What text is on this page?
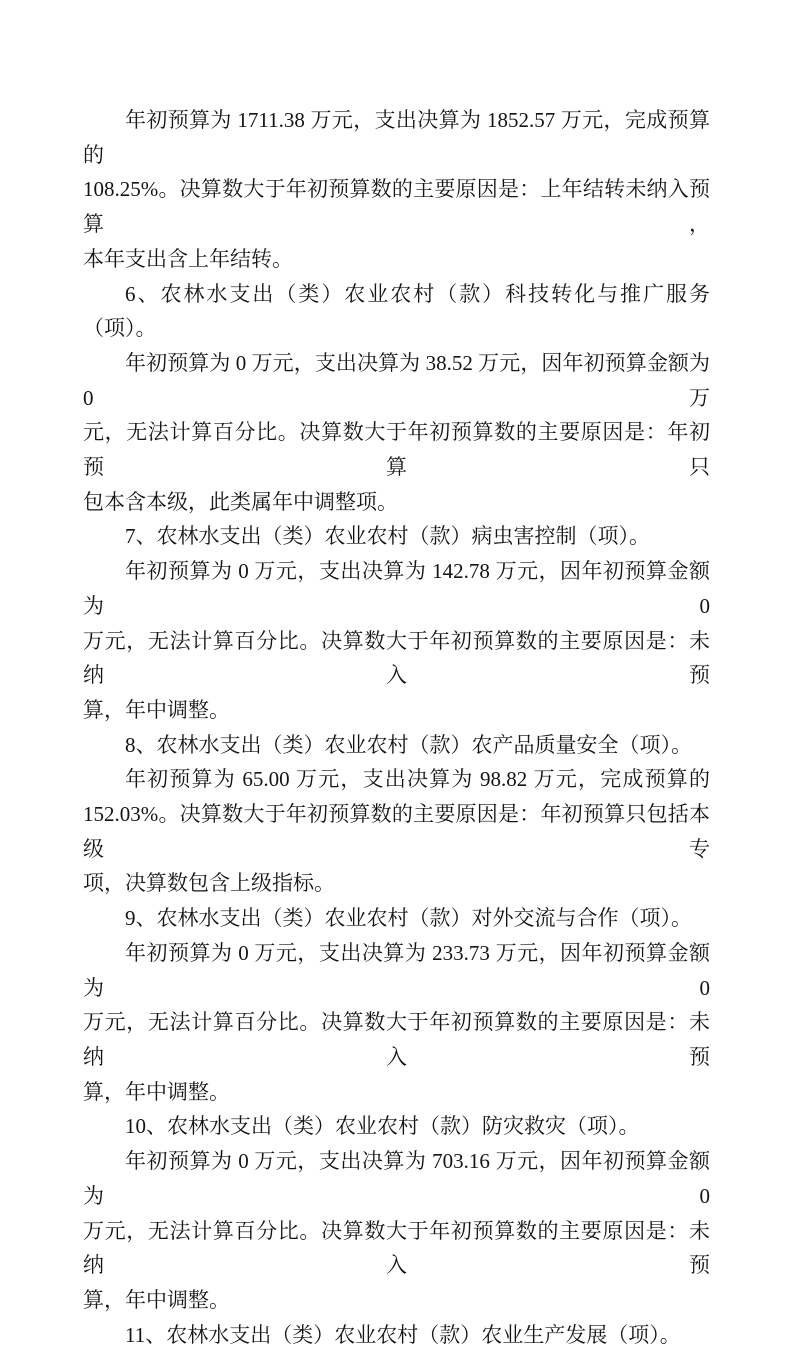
年初预算为 1711.38 万元，支出决算为 1852.57 万元，完成预算的
108.25%。决算数大于年初预算数的主要原因是：上年结转未纳入预算，
本年支出含上年结转。
6、农林水支出（类）农业农村（款）科技转化与推广服务（项）。
年初预算为 0 万元，支出决算为 38.52 万元，因年初预算金额为 0 万
元，无法计算百分比。决算数大于年初预算数的主要原因是：年初预算只
包本含本级，此类属年中调整项。
7、农林水支出（类）农业农村（款）病虫害控制（项）。
年初预算为 0 万元，支出决算为 142.78 万元，因年初预算金额为 0
万元，无法计算百分比。决算数大于年初预算数的主要原因是：未纳入预
算，年中调整。
8、农林水支出（类）农业农村（款）农产品质量安全（项）。
年初预算为 65.00 万元，支出决算为 98.82 万元，完成预算的
152.03%。决算数大于年初预算数的主要原因是：年初预算只包括本级专
项，决算数包含上级指标。
9、农林水支出（类）农业农村（款）对外交流与合作（项）。
年初预算为 0 万元，支出决算为 233.73 万元，因年初预算金额为 0
万元，无法计算百分比。决算数大于年初预算数的主要原因是：未纳入预
算，年中调整。
10、农林水支出（类）农业农村（款）防灾救灾（项）。
年初预算为 0 万元，支出决算为 703.16 万元，因年初预算金额为 0
万元，无法计算百分比。决算数大于年初预算数的主要原因是：未纳入预
算，年中调整。
11、农林水支出（类）农业农村（款）农业生产发展（项）。
